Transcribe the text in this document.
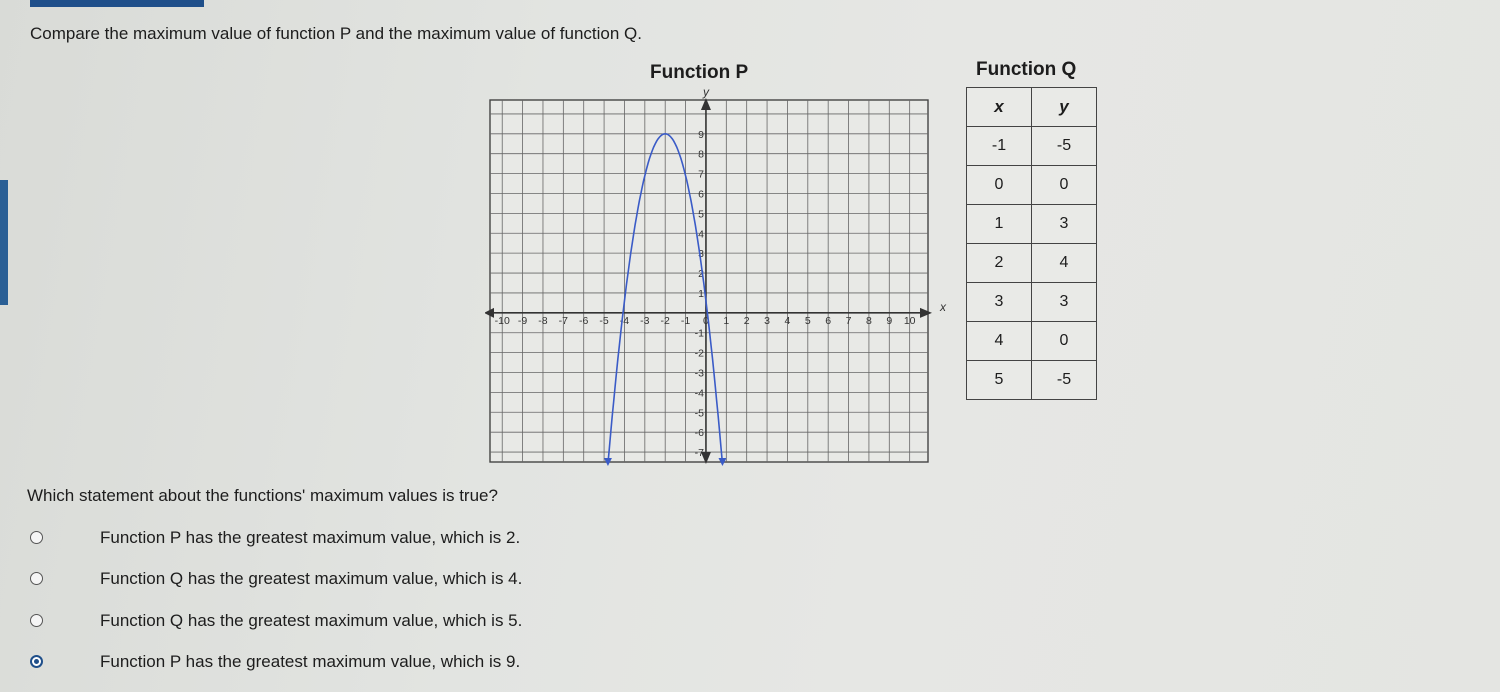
Compare the maximum value of function P and the maximum value of function Q.
Function P	Function Q
x
y
-10 -9 -8 -7 -6 -5 -4 -3 -2 -1 0 1 2 3 4 5 6 7 8 9 10
9
8
7
6
5
4
3
2
1
-1
-2
-3
-4
-5
-6
-7
x	y
-1	-5
0	0
1	3
2	4
3	3
4	0
5	-5
Which statement about the functions' maximum values is true?
Function P has the greatest maximum value, which is 2.
Function Q has the greatest maximum value, which is 4.
Function Q has the greatest maximum value, which is 5.
Function P has the greatest maximum value, which is 9.
